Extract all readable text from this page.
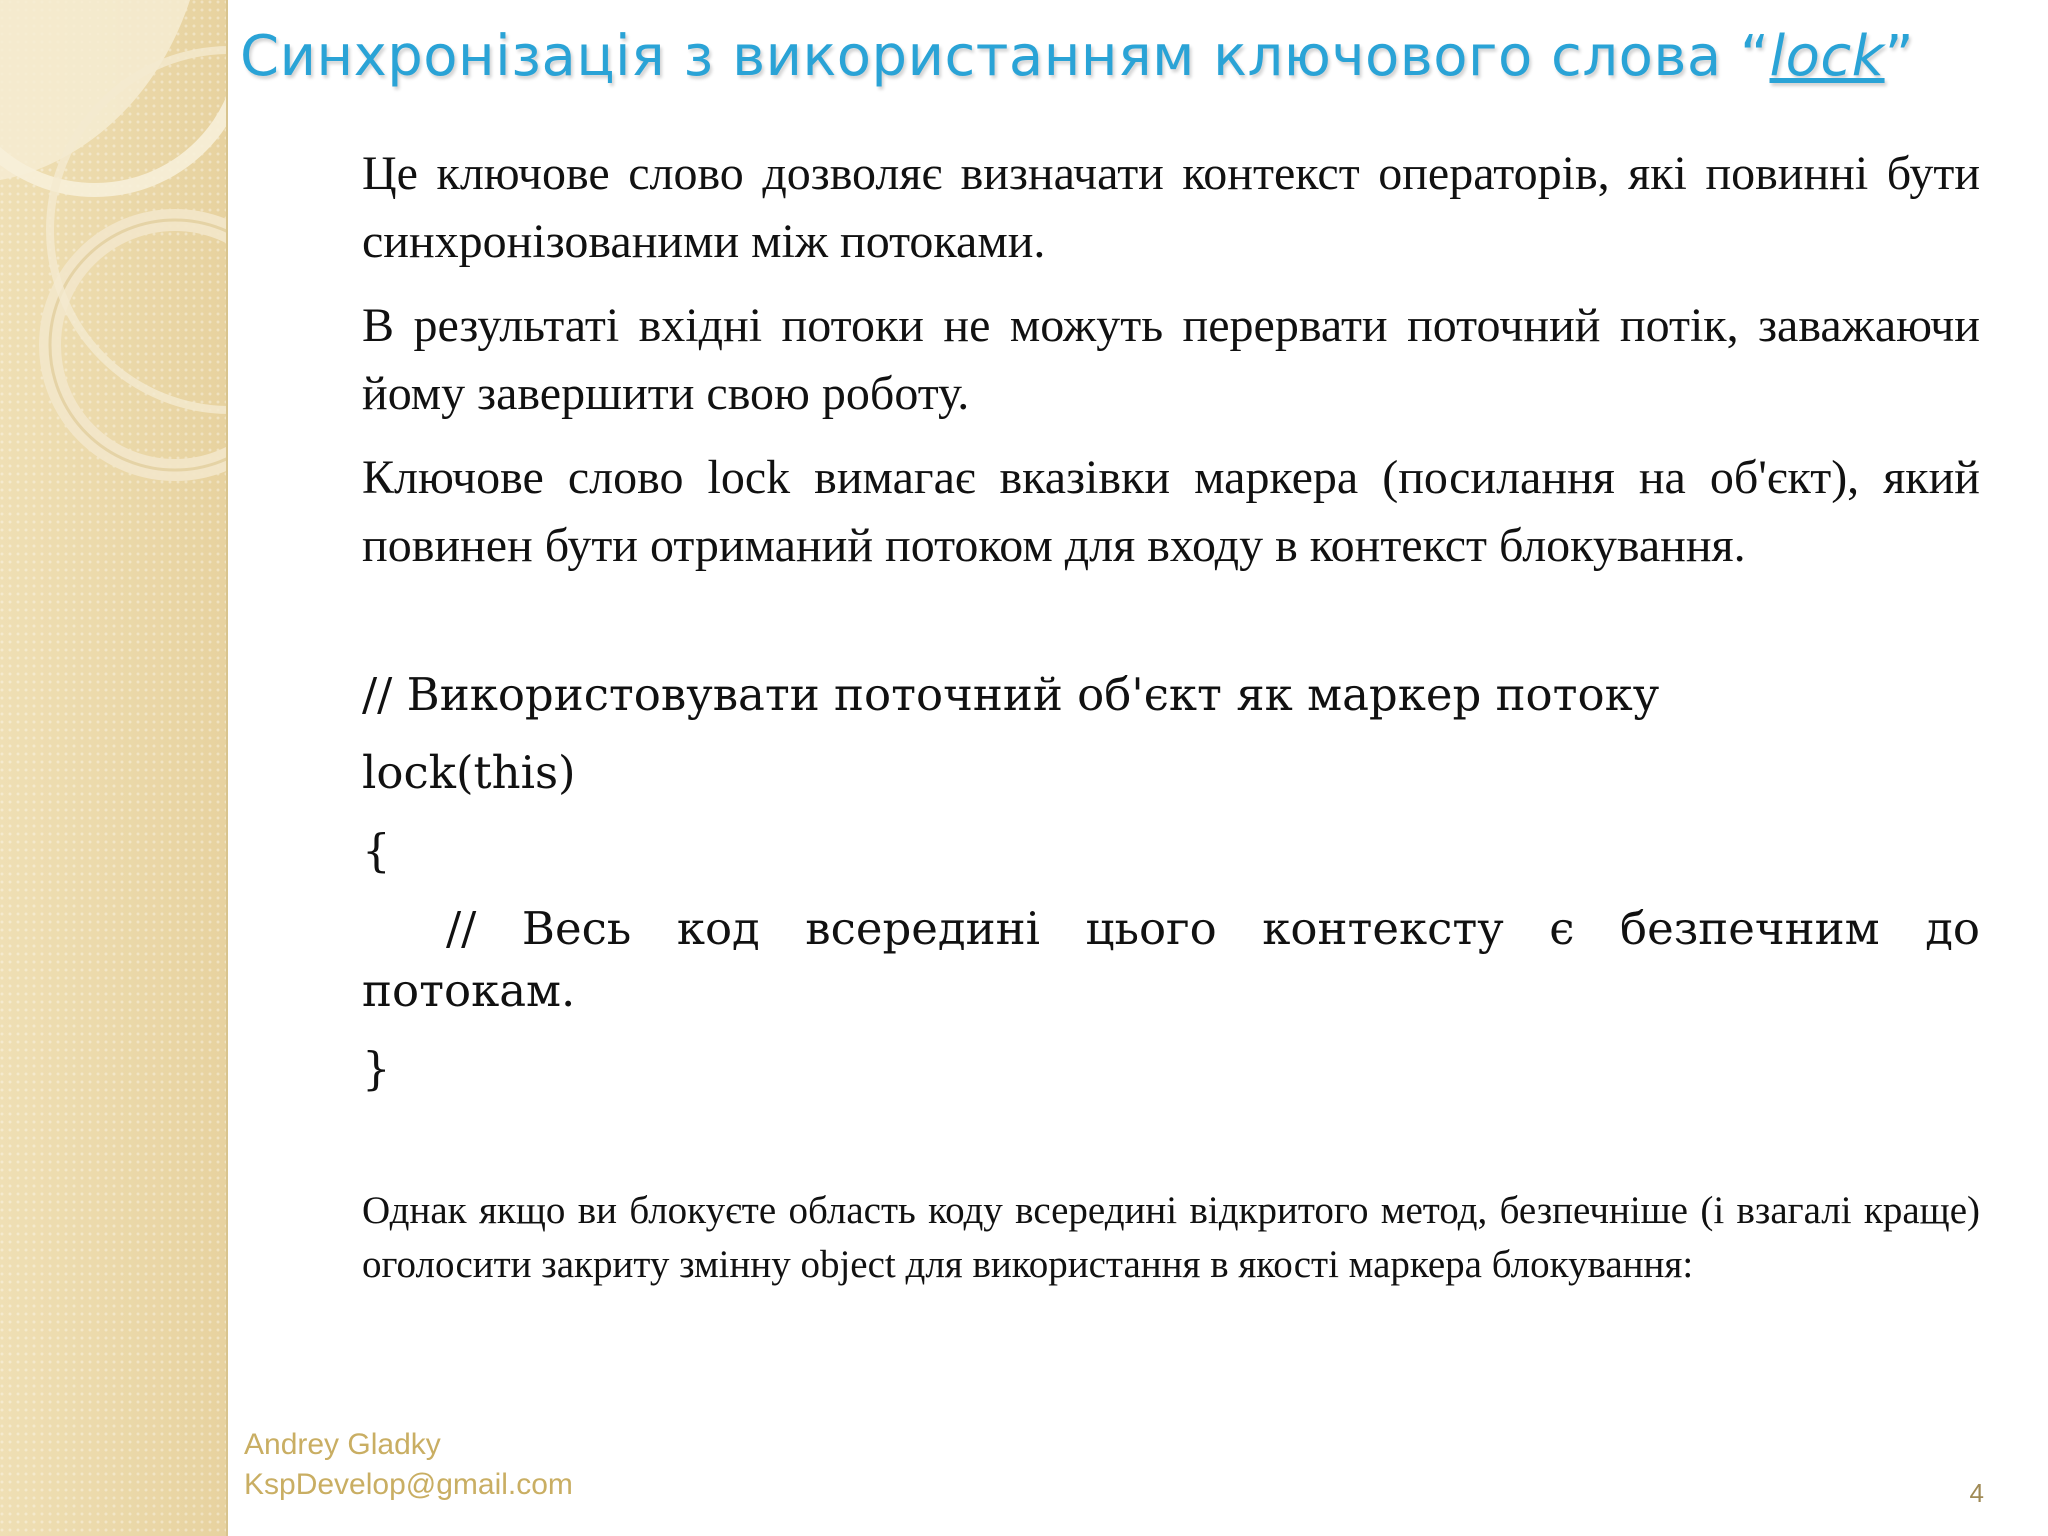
Синхронізація з використанням ключового слова “lock”

Це ключове слово дозволяє визначати контекст операторів, які повинні бути синхронізованими між потоками.

В результаті вхідні потоки не можуть перервати поточний потік, заважаючи йому завершити свою роботу.

Ключове слово lock вимагає вказівки маркера (посилання на об'єкт), який повинен бути отриманий потоком для входу в контекст блокування.

// Використовувати поточний об'єкт як маркер потоку

lock(this)

{

// Весь код всередині цього контексту є безпечним до потокам.

}

Однак якщо ви блокуєте область коду всередині відкритого метод, безпечніше (і взагалі краще) оголосити закриту змінну object для використання в якості маркера блокування:

Andrey Gladky
KspDevelop@gmail.com	4
